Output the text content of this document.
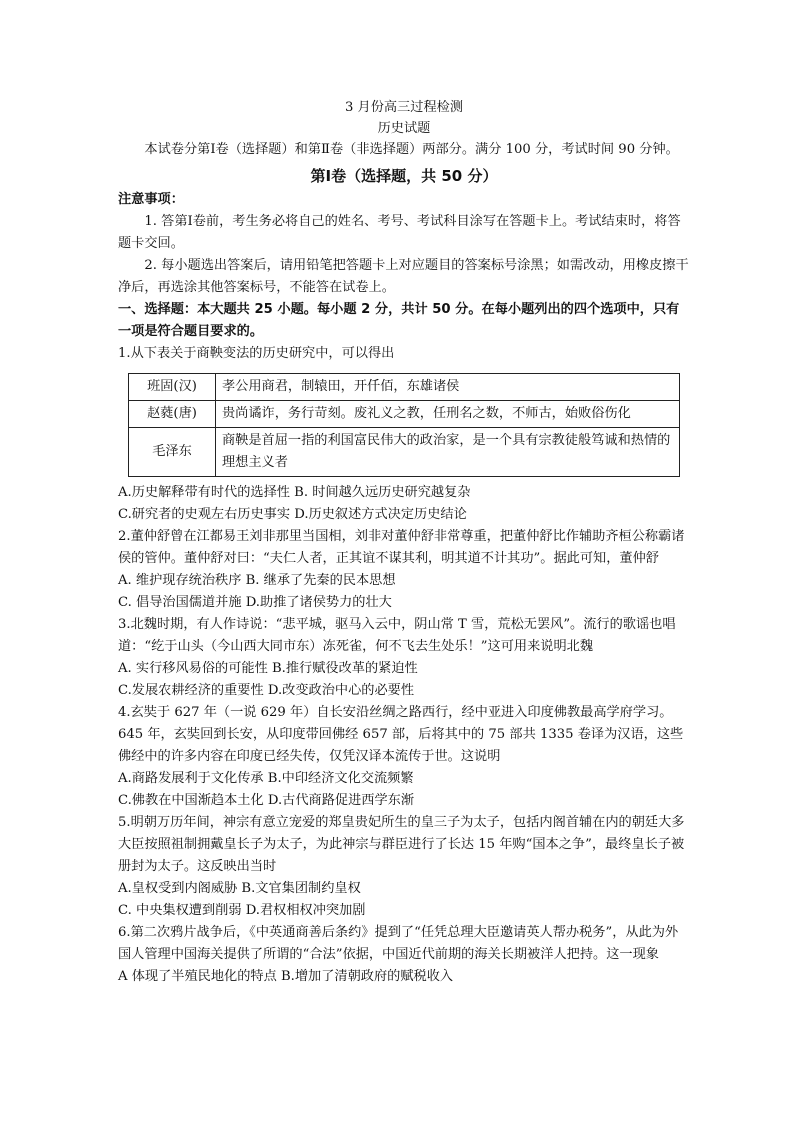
3 月份高三过程检测

历史试题

本试卷分第Ⅰ卷（选择题）和第Ⅱ卷（非选择题）两部分。满分 100 分，考试时间 90 分钟。

第Ⅰ卷（选择题，共 50 分）

注意事项：

1. 答第Ⅰ卷前，考生务必将自己的姓名、考号、考试科目涂写在答题卡上。考试结束时，将答题卡交回。

2. 每小题选出答案后，请用铅笔把答题卡上对应题目的答案标号涂黑；如需改动，用橡皮擦干净后，再选涂其他答案标号，不能答在试卷上。

一、选择题：本大题共 25 小题。每小题 2 分，共计 50 分。在每小题列出的四个选项中，只有一项是符合题目要求的。

1.从下表关于商鞅变法的历史研究中，可以得出

班固(汉)	孝公用商君，制辕田，开仟佰，东雄诸侯
赵蕤(唐)	贵尚谲诈，务行苛刻。废礼义之教，任刑名之数，不师古，始败俗伤化
毛泽东	商鞅是首屈一指的利国富民伟大的政治家，是一个具有宗教徒般笃诚和热情的理想主义者

A.历史解释带有时代的选择性 B. 时间越久远历史研究越复杂

C.研究者的史观左右历史事实 D.历史叙述方式决定历史结论

2.董仲舒曾在江都易王刘非那里当国相，刘非对董仲舒非常尊重，把董仲舒比作辅助齐桓公称霸诸侯的管仲。董仲舒对曰：“夫仁人者，正其谊不谋其利，明其道不计其功”。据此可知，董仲舒

A. 维护现存统治秩序 B. 继承了先秦的民本思想

C. 倡导治国儒道并施 D.助推了诸侯势力的壮大

3.北魏时期，有人作诗说：“悲平城，驱马入云中，阴山常 T 雪，荒松无罢风”。流行的歌谣也唱道：“纥于山头（今山西大同市东）冻死雀，何不飞去生处乐！”这可用来说明北魏

A. 实行移风易俗的可能性 B.推行赋役改革的紧迫性

C.发展农耕经济的重要性 D.改变政治中心的必要性

4.玄奘于 627 年（一说 629 年）自长安沿丝绸之路西行，经中亚进入印度佛教最高学府学习。645 年，玄奘回到长安，从印度带回佛经 657 部，后将其中的 75 部共 1335 卷译为汉语，这些佛经中的许多内容在印度已经失传，仅凭汉译本流传于世。这说明

A.商路发展利于文化传承 B.中印经济文化交流频繁

C.佛教在中国渐趋本土化 D.古代商路促进西学东渐

5.明朝万历年间，神宗有意立宠爱的郑皇贵妃所生的皇三子为太子，包括内阁首辅在内的朝廷大多大臣按照祖制拥戴皇长子为太子，为此神宗与群臣进行了长达 15 年购“国本之争”，最终皇长子被册封为太子。这反映出当时

A.皇权受到内阁威胁 B.文官集团制约皇权

C. 中央集权遭到削弱 D.君权相权冲突加剧

6.第二次鸦片战争后，《中英通商善后条约》提到了“任凭总理大臣邀请英人帮办税务”，从此为外国人管理中国海关提供了所谓的“合法”依据，中国近代前期的海关长期被洋人把持。这一现象

A 体现了半殖民地化的特点 B.增加了清朝政府的赋税收入
